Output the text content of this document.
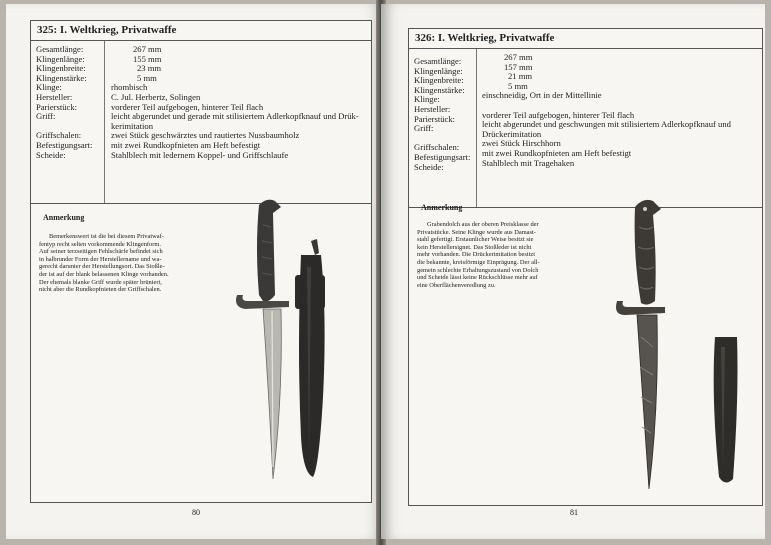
325: I. Weltkrieg, Privatwaffe
Gesamtlänge:
Klingenlänge:
Klingenbreite:
Klingenstärke:
Klinge:
Hersteller:
Parierstück:
Griff:
Griffschalen:
Befestigungsart:
Scheide:
267 mm
155 mm
23 mm
5 mm
rhombisch
C. Jul. Herbertz, Solingen
vorderer Teil aufgebogen, hinterer Teil flach
leicht abgerundet und gerade mit stilisiertem Adlerkopfknauf und Drük-
kerimitation
zwei Stück geschwärztes und rautiertes Nussbaumholz
mit zwei Rundkopfnieten am Heft befestigt
Stahlblech mit ledernem Koppel- und Griffschlaufe
Anmerkung
Bemerkenswert ist die bei diesem Privatwaf-
fentyp recht selten vorkommende Klingenform.
Auf seiner terzseitigen Fehlschärfe befindet sich
in halbrunder Form der Herstellername und wa-
gerecht darunter der Herstellungsort. Das Stoßle-
der ist auf der blank belassenen Klinge vorhanden.
Der ehemals blanke Griff wurde später brüniert,
nicht aber die Rundkopfnieten der Griffschalen.
80
326: I. Weltkrieg, Privatwaffe
Gesamtlänge:
Klingenlänge:
Klingenbreite:
Klingenstärke:
Klinge:
Hersteller:
Parierstück:
Griff:
Griffschalen:
Befestigungsart:
Scheide:
267 mm
157 mm
21 mm
5 mm
einschneidig, Ort in der Mittellinie
vorderer Teil aufgebogen, hinterer Teil flach
leicht abgerundet und geschwungen mit stilisiertem Adlerkopfknauf und
Drückerimitation
zwei Stück Hirschhorn
mit zwei Rundkopfnieten am Heft befestigt
Stahlblech mit Tragehaken
Anmerkung
Grabendolch aus der oberen Preisklasse der
Privatstücke. Seine Klinge wurde aus Damast-
stahl gefertigt. Erstaunlicher Weise besitzt sie
kein Herstellersignet. Das Stoßleder ist nicht
mehr vorhanden. Die Drückerimitation besitzt
die bekannte, kreisförmige Einprägung. Der all-
gemein schlechte Erhaltungszustand von Dolch
und Scheide lässt keine Rückschlüsse mehr auf
eine Oberflächenveredlung zu.
81
